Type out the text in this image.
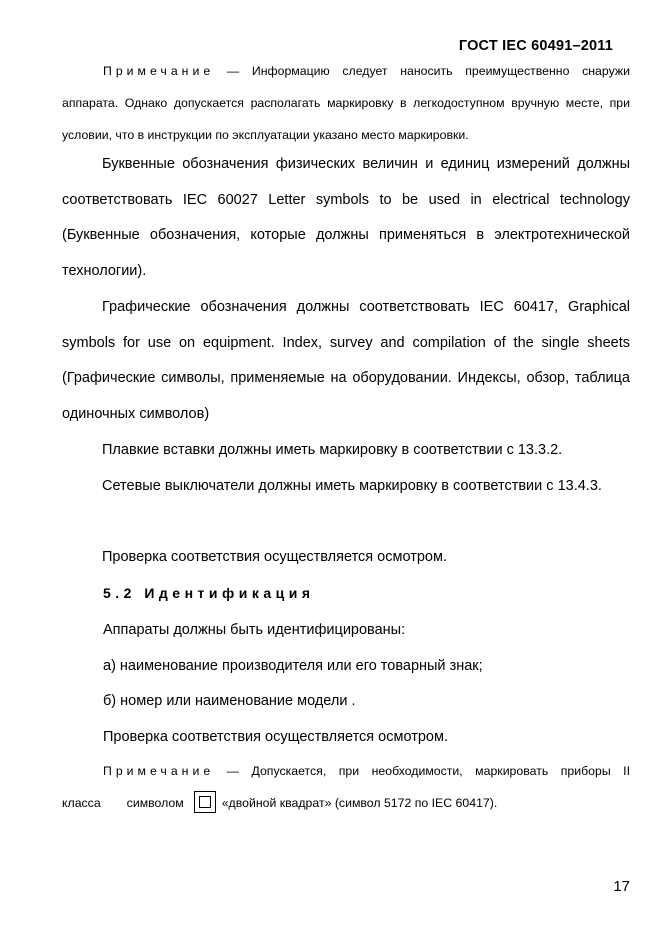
ГОСТ IEC 60491–2011

Примечание — Информацию следует наносить преимущественно снаружи

аппарата. Однако допускается располагать маркировку в легкодоступном вручную месте, при условии, что в инструкции по эксплуатации указано место маркировки.

Буквенные обозначения физических величин и единиц измерений должны соответствовать IEC 60027 Letter symbols to be used in electrical technology (Буквенные обозначения, которые должны применяться в электротехнической технологии).

Графические обозначения должны соответствовать IEC 60417, Graphical symbols for use on equipment. Index, survey and compilation of the single sheets (Графические символы, применяемые на оборудовании. Индексы, обзор, таблица одиночных символов)

Плавкие вставки должны иметь маркировку в соответствии с 13.3.2.

Сетевые выключатели должны иметь маркировку в соответствии с 13.4.3.

Проверка соответствия осуществляется осмотром.

5.2 Идентификация

Аппараты должны быть идентифицированы:

а) наименование производителя или его товарный знак;

б) номер или наименование модели .

Проверка соответствия осуществляется осмотром.

Примечание — Допускается, при необходимости, маркировать приборы II

класса символом	«двойной квадрат» (символ 5172 по IEC 60417).
17
